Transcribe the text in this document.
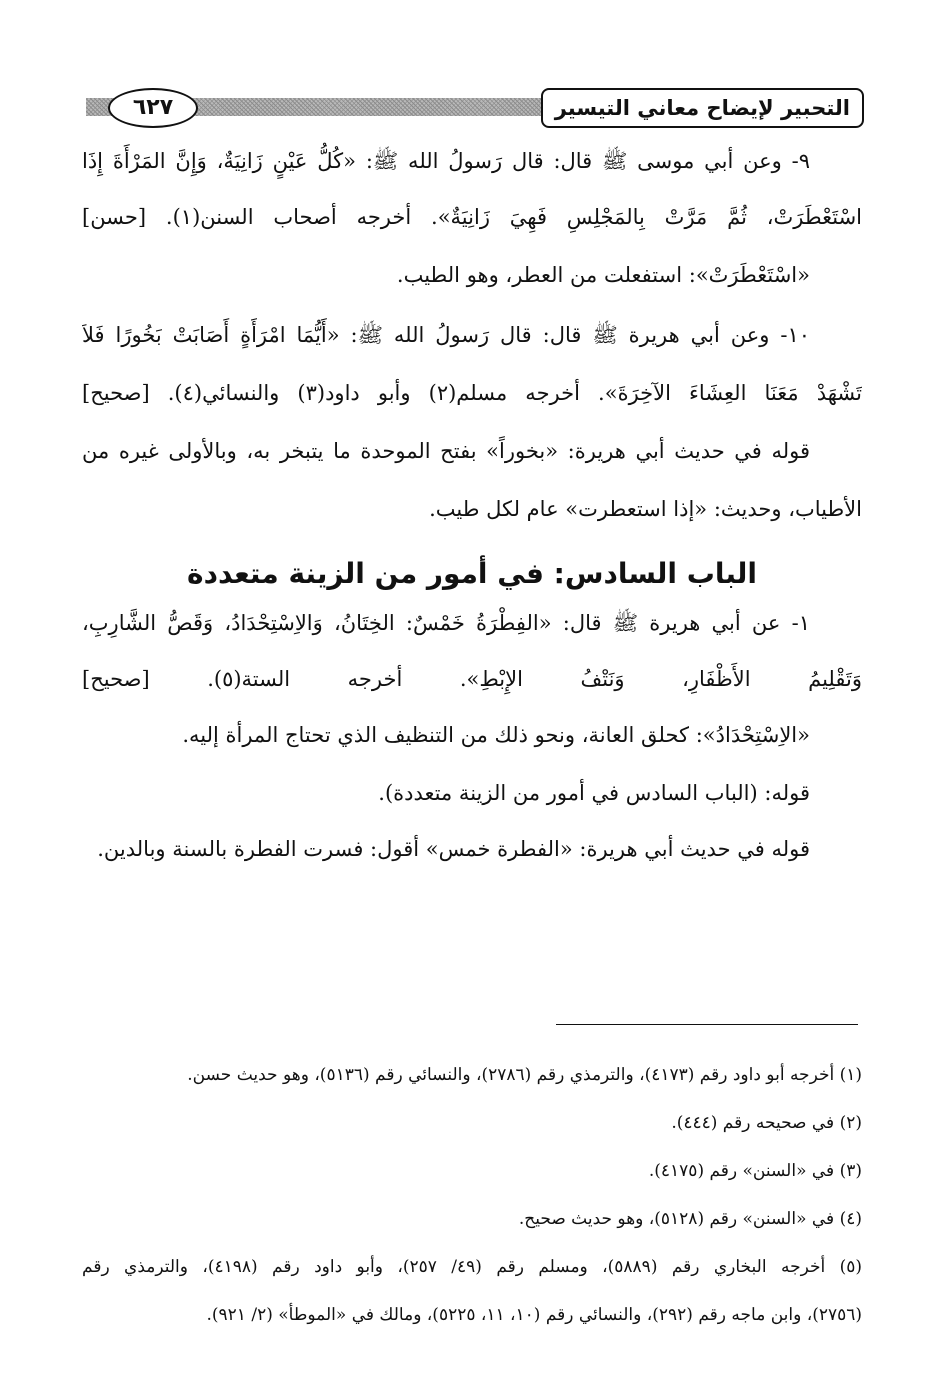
التحبير لإيضاح معاني التيسير
٦٢٧
٩- وعن أبي موسى ﷺ قال: قال رَسولُ الله ﷺ: «كُلُّ عَيْنٍ زَانِيَةٌ، وَإِنَّ المَرْأَةَ إِذَا
اسْتَعْطَرَتْ، ثُمَّ مَرَّتْ بِالمَجْلِسِ فَهِيَ زَانِيَةٌ». أخرجه أصحاب السنن(١). [حسن]
«اسْتَعْطَرَتْ»: استفعلت من العطر، وهو الطيب.
١٠- وعن أبي هريرة ﷺ قال: قال رَسولُ الله ﷺ: «أَيُّمَا امْرَأَةٍ أَصَابَتْ بَخُورًا فَلاَ
تَشْهَدْ مَعَنَا العِشَاءَ الآخِرَةَ». أخرجه مسلم(٢) وأبو داود(٣) والنسائي(٤). [صحيح]
قوله في حديث أبي هريرة: «بخوراً» بفتح الموحدة ما يتبخر به، وبالأولى غيره من
الأطياب، وحديث: «إذا استعطرت» عام لكل طيب.
الباب السادس: في أمور من الزينة متعددة
١- عن أبي هريرة ﷺ قال: «الفِطْرَةُ خَمْسٌ: الخِتَانُ، وَالاِسْتِحْدَادُ، وَقَصُّ الشَّارِبِ،
وَتَقْلِيمُ الأَظْفَارِ، وَنَتْفُ الإِبْطِ». أخرجه الستة(٥). [صحيح]
«الاِسْتِحْدَادُ»: كحلق العانة، ونحو ذلك من التنظيف الذي تحتاج المرأة إليه.
قوله: (الباب السادس في أمور من الزينة متعددة).
قوله في حديث أبي هريرة: «الفطرة خمس» أقول: فسرت الفطرة بالسنة وبالدين.
(١) أخرجه أبو داود رقم (٤١٧٣)، والترمذي رقم (٢٧٨٦)، والنسائي رقم (٥١٣٦)، وهو حديث حسن.
(٢) في صحيحه رقم (٤٤٤).
(٣) في «السنن» رقم (٤١٧٥).
(٤) في «السنن» رقم (٥١٢٨)، وهو حديث صحيح.
(٥) أخرجه البخاري رقم (٥٨٨٩)، ومسلم رقم (٤٩/ ٢٥٧)، وأبو داود رقم (٤١٩٨)، والترمذي رقم
(٢٧٥٦)، وابن ماجه رقم (٢٩٢)، والنسائي رقم (١٠، ١١، ٥٢٢٥)، ومالك في «الموطأ» (٢/ ٩٢١).
